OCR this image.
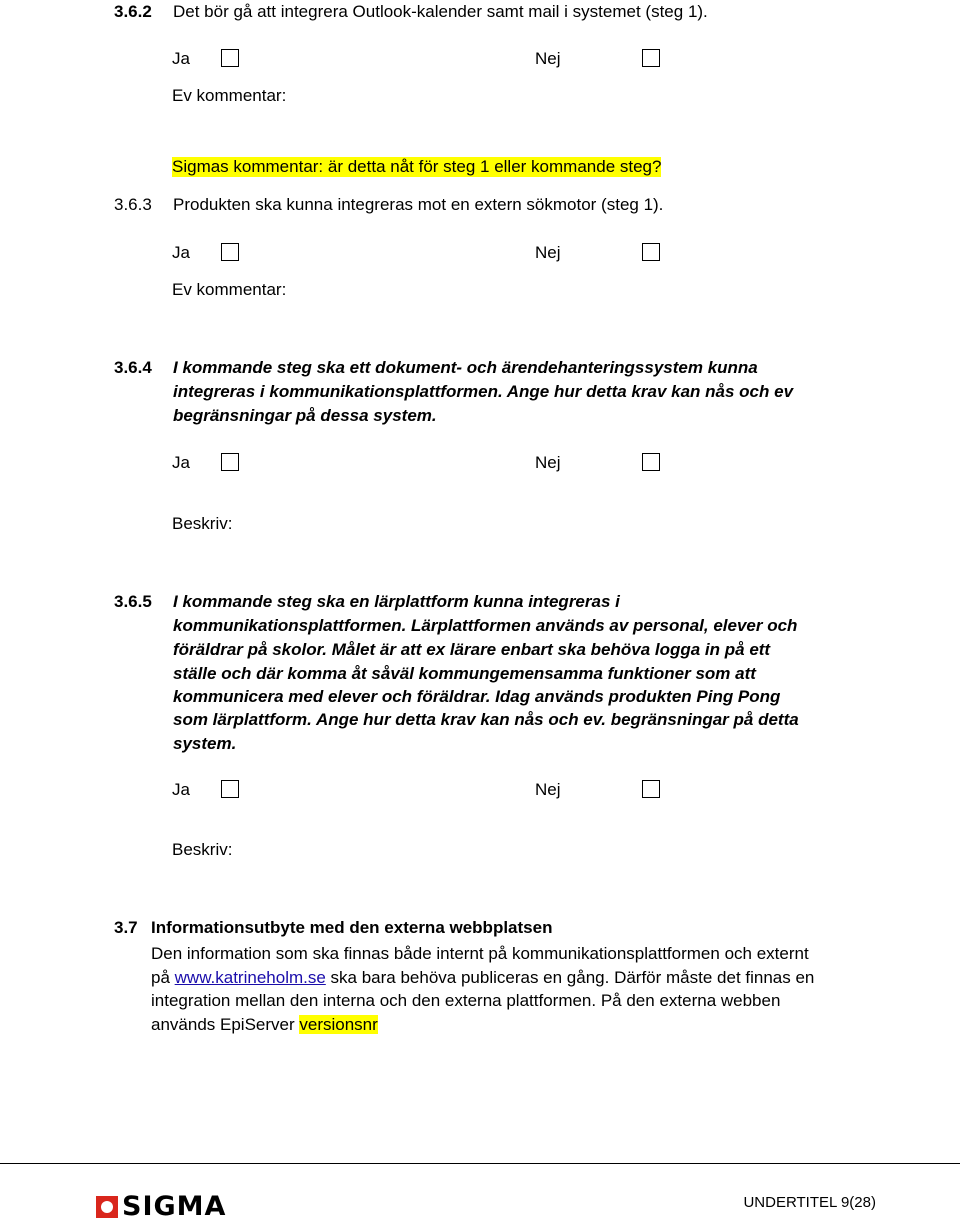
3.6.2 Det bör gå att integrera Outlook-kalender samt mail i systemet (steg 1).
Ja	Nej
Ev kommentar:
Sigmas kommentar: är detta nåt för steg 1 eller kommande steg?
3.6.3 Produkten ska kunna integreras mot en extern sökmotor (steg 1).
Ja	Nej
Ev kommentar:
3.6.4 I kommande steg ska ett dokument- och ärendehanteringssystem kunna
integreras i kommunikationsplattformen. Ange hur detta krav kan nås och ev
begränsningar på dessa system.
Ja	Nej
Beskriv:
3.6.5 I kommande steg ska en lärplattform kunna integreras i
kommunikationsplattformen. Lärplattformen används av personal, elever och
föräldrar på skolor. Målet är att ex lärare enbart ska behöva logga in på ett
ställe och där komma åt såväl kommungemensamma funktioner som att
kommunicera med elever och föräldrar. Idag används produkten Ping Pong
som lärplattform. Ange hur detta krav kan nås och ev. begränsningar på detta
system.
Ja	Nej
Beskriv:
3.7 Informationsutbyte med den externa webbplatsen
Den information som ska finnas både internt på kommunikationsplattformen och externt
på www.katrineholm.se ska bara behöva publiceras en gång. Därför måste det finnas en
integration mellan den interna och den externa plattformen. På den externa webben
används EpiServer versionsnr
SIGMA	UNDERTITEL 9(28)
